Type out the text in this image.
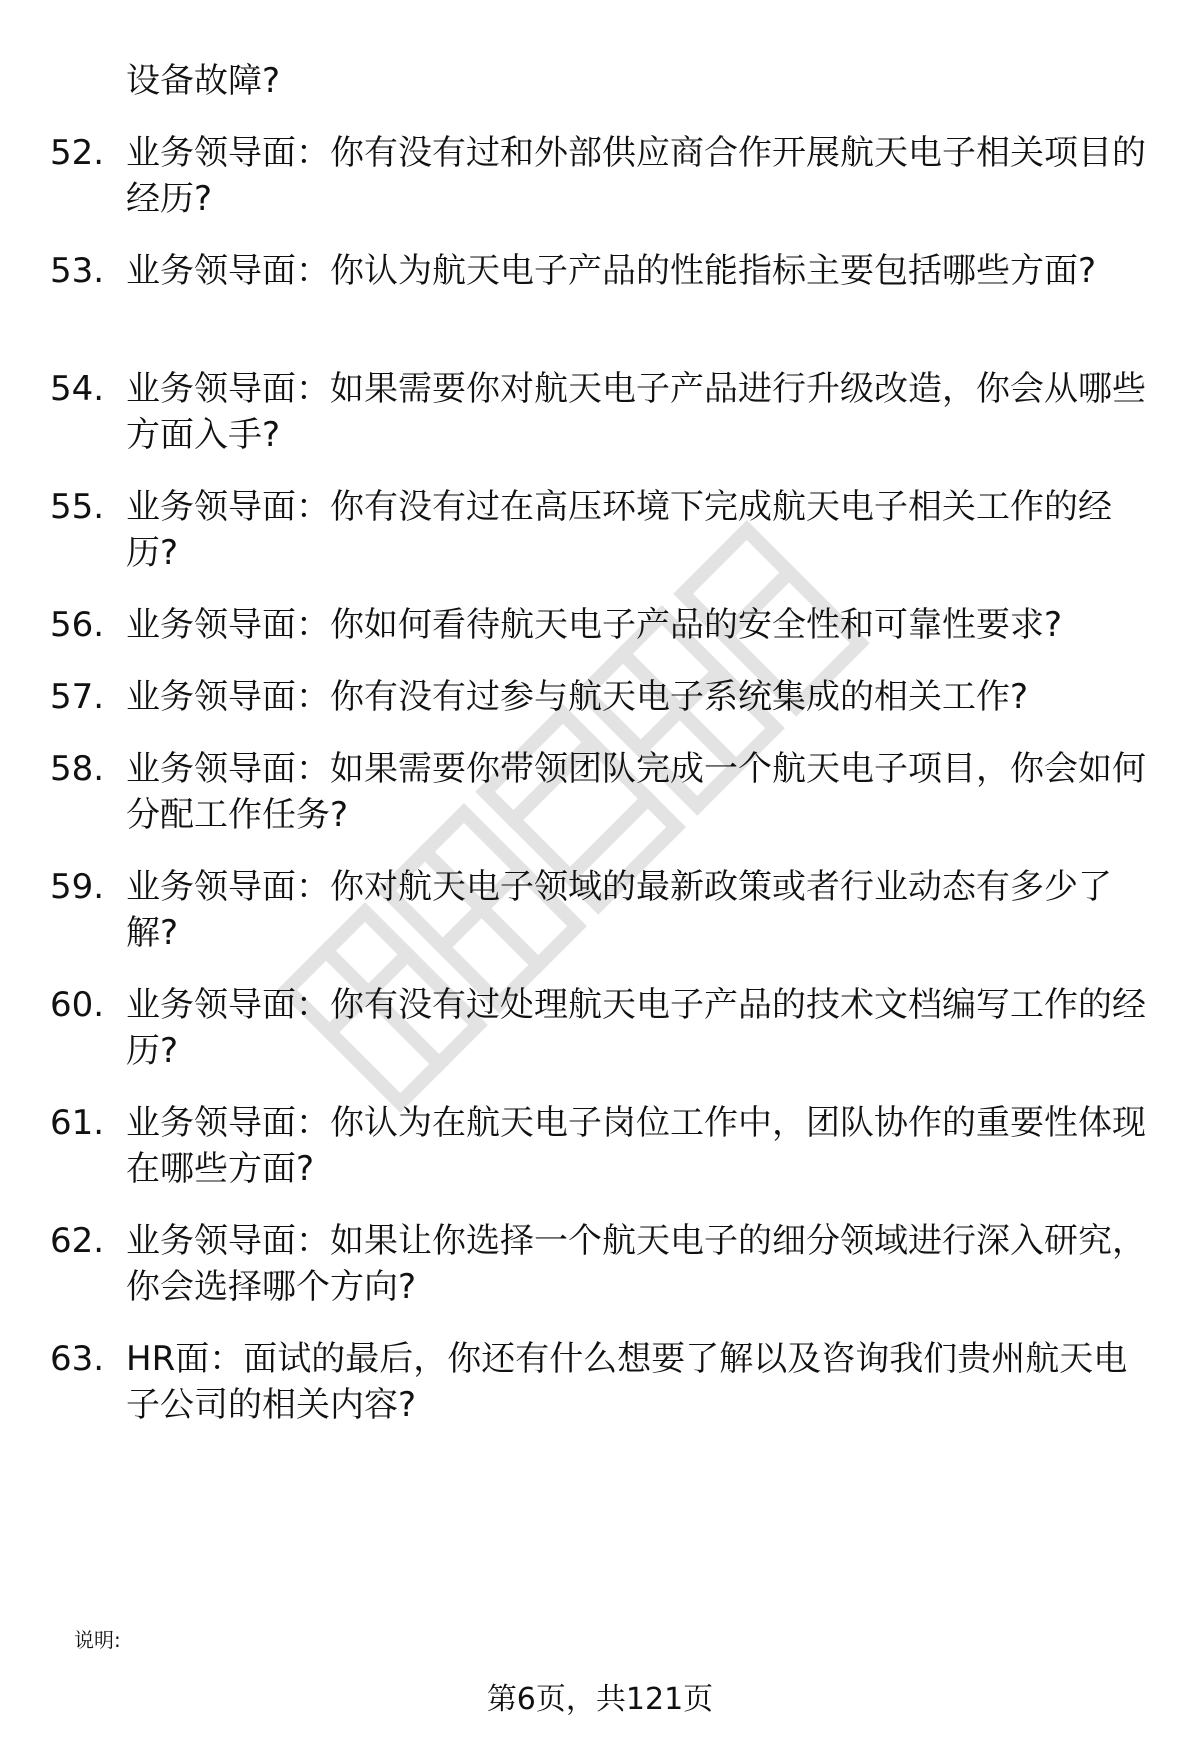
设备故障?

52. 业务领导面：你有没有过和外部供应商合作开展航天电子相关项目的经历?
53. 业务领导面：你认为航天电子产品的性能指标主要包括哪些方面?
54. 业务领导面：如果需要你对航天电子产品进行升级改造，你会从哪些方面入手?
55. 业务领导面：你有没有过在高压环境下完成航天电子相关工作的经历?
56. 业务领导面：你如何看待航天电子产品的安全性和可靠性要求?
57. 业务领导面：你有没有过参与航天电子系统集成的相关工作?
58. 业务领导面：如果需要你带领团队完成一个航天电子项目，你会如何分配工作任务?
59. 业务领导面：你对航天电子领域的最新政策或者行业动态有多少了解?
60. 业务领导面：你有没有过处理航天电子产品的技术文档编写工作的经历?
61. 业务领导面：你认为在航天电子岗位工作中，团队协作的重要性体现在哪些方面?
62. 业务领导面：如果让你选择一个航天电子的细分领域进行深入研究，你会选择哪个方向?
63. HR面：面试的最后，你还有什么想要了解以及咨询我们贵州航天电子公司的相关内容?
说明:
第6页，共121页
